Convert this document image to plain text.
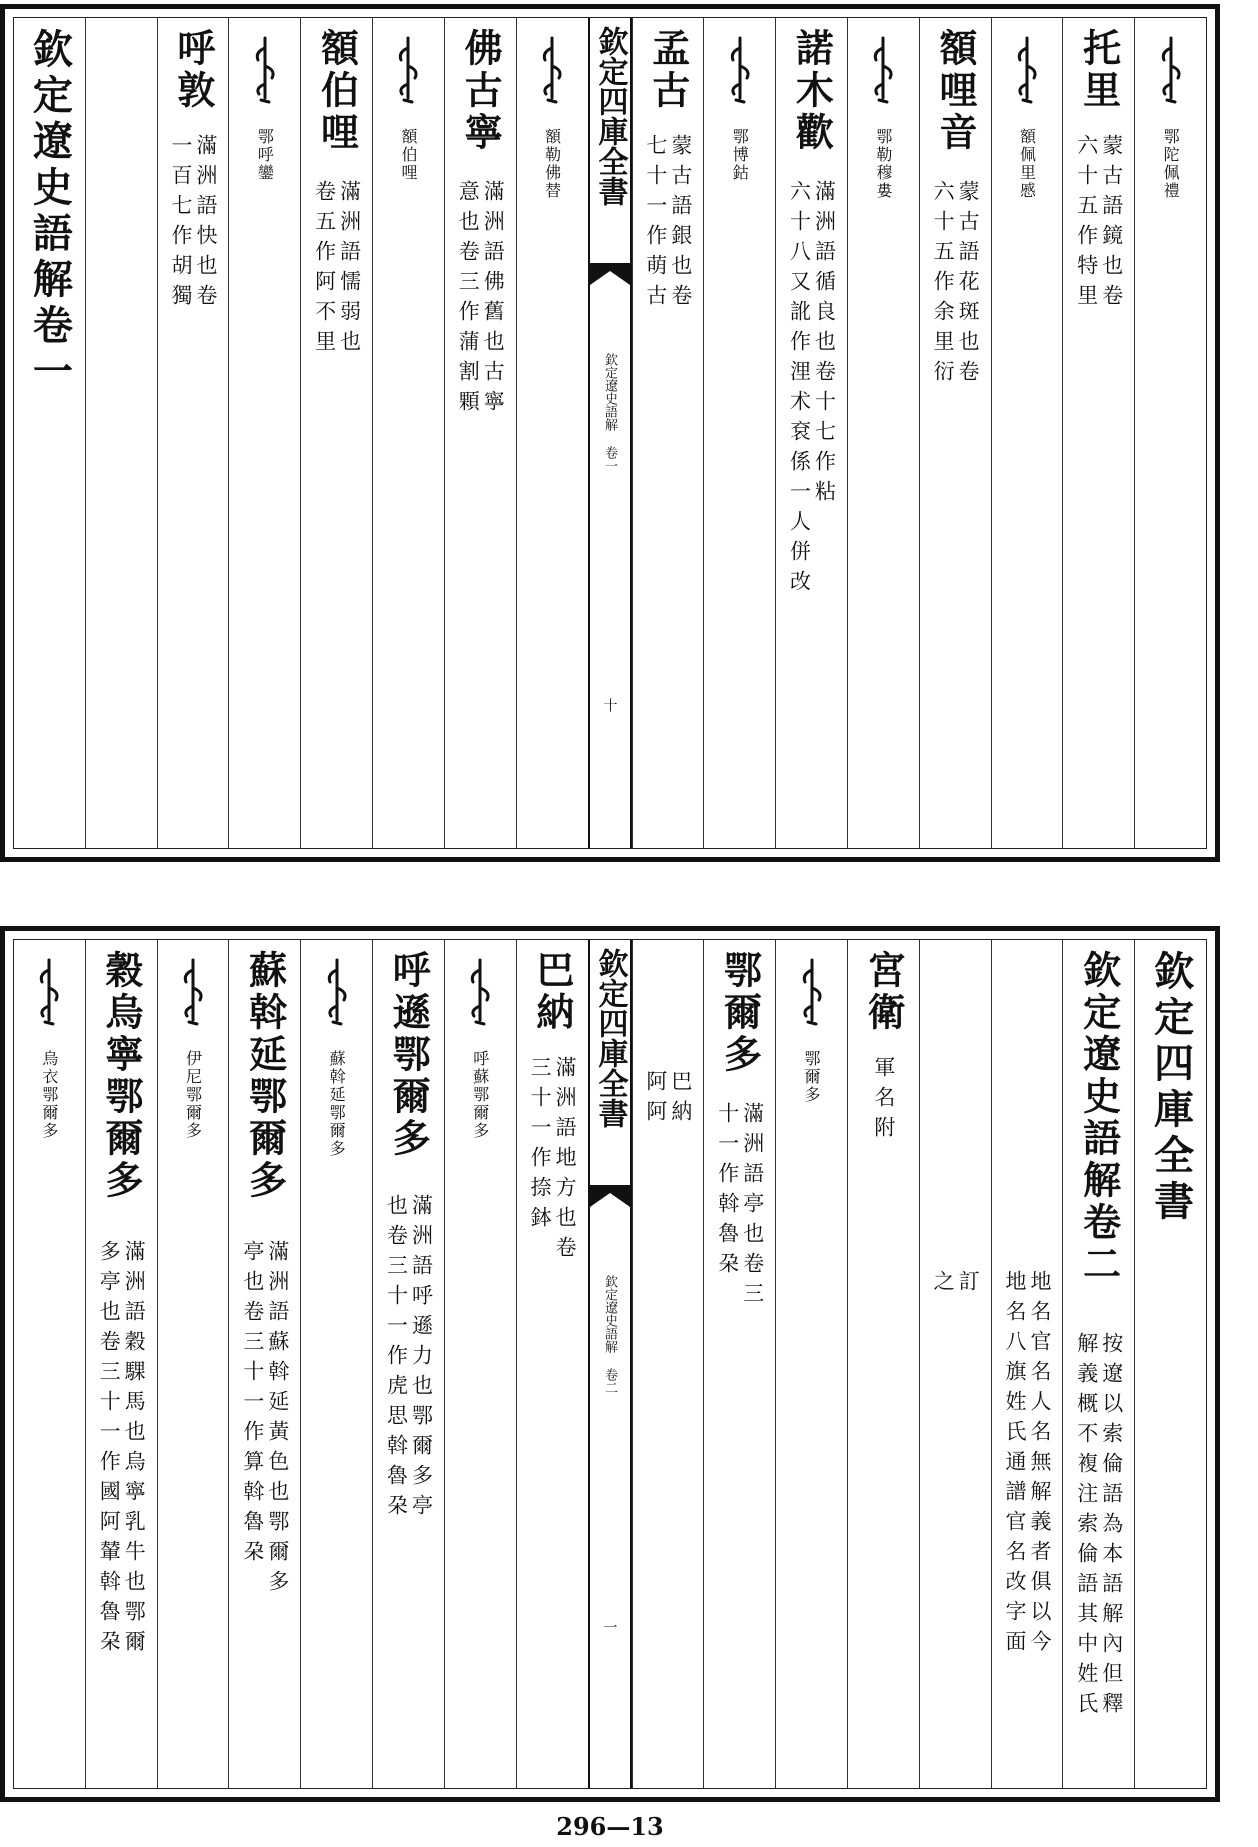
鄂陀佩禮
托里
蒙古語鏡也卷
六十五作特里
額佩里慼
額哩音
蒙古語花斑也卷
六十五作余里衍
鄂勒穆婁
諾木歡
滿洲語循良也卷十七作粘
六十八又訛作浬术袞係一人併改
鄂博鈷
孟古
蒙古語銀也卷
七十一作萌古
欽定四庫全書
欽定遼史語解 卷一
十
額勒佛替
佛古寧
滿洲語佛舊也古寧
意也卷三作蒲割顆
額伯哩
額伯哩
滿洲語懦弱也
卷五作阿不里
鄂呼鑾
呼敦
滿洲語快也卷
一百七作胡獨
欽定遼史語解卷一
欽定四庫全書
欽定遼史語解卷二
按遼以索倫語為本語解內但釋
解義概不複注索倫語其中姓氏
地名官名人名無解義者俱以今
地名八旗姓氏通譜官名改字面
訂
之
宮衛
軍名附
鄂爾多
鄂爾多
滿洲語亭也卷三
十一作斡魯朶
巴納
阿阿
欽定四庫全書
欽定遼史語解 卷二
一
巴納
滿洲語地方也卷
三十一作捺鉢
呼蘇鄂爾多
呼遜鄂爾多
滿洲語呼遜力也鄂爾多亭
也卷三十一作虎思斡魯朶
蘇斡延鄂爾多
蘇斡延鄂爾多
滿洲語蘇斡延黃色也鄂爾多
亭也卷三十一作算斡魯朶
伊尼鄂爾多
穀烏寧鄂爾多
滿洲語穀騍馬也烏寧乳牛也鄂爾
多亭也卷三十一作國阿輦斡魯朶
烏衣鄂爾多
296—13
